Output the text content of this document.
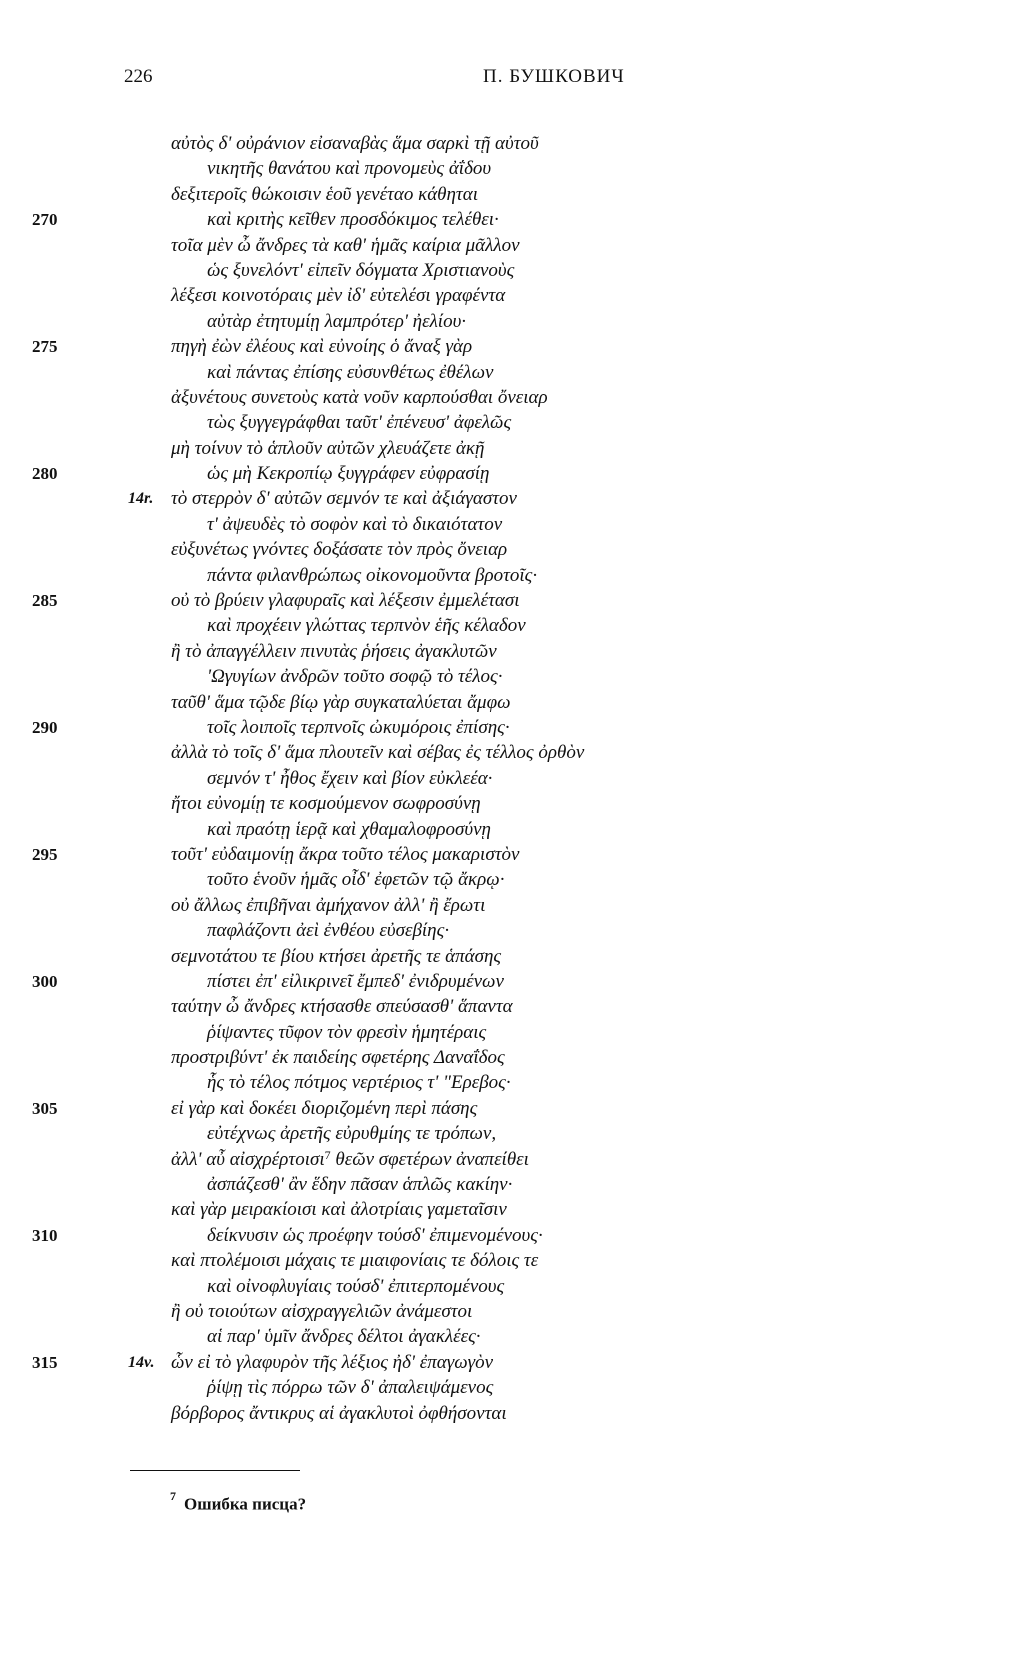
226	П. БУШКОВИЧ
αὐτὸς δ' οὐράνιον εἰσαναβὰς ἅμα σαρκὶ τῇ αὐτοῦ
νικητῆς θανάτου καὶ προνομεὺς ἀΐδου
δεξιτεροῖς θώκοισιν ἑοῦ γενέταο κάθηται
270	καὶ κριτὴς κεῖθεν προσδόκιμος τελέθει·
τοῖα μὲν ὦ ἄνδρες τὰ καθ' ἡμᾶς καίρια μᾶλλον
ὡς ξυνελόντ' εἰπεῖν δόγματα Χριστιανοὺς
λέξεσι κοινοτόραις μὲν ἰδ' εὐτελέσι γραφέντα
αὐτὰρ ἐτητυμίῃ λαμπρότερ' ἠελίου·
275	πηγὴ ἐὼν ἐλέους καὶ εὐνοίης ὁ ἄναξ γὰρ
καὶ πάντας ἐπίσης εὐσυνθέτως ἐθέλων
ἀξυνέτους συνετοὺς κατὰ νοῦν καρπούσθαι ὄνειαρ
τὼς ξυγγεγράφθαι ταῦτ' ἐπένευσ' ἀφελῶς
μὴ τοίνυν τὸ ἁπλοῦν αὐτῶν χλευάζετε ἀκῇ
280	ὡς μὴ Κεκροπίῳ ξυγγράφεν εὐφρασίῃ
14r. τὸ στερρὸν δ' αὐτῶν σεμνόν τε καὶ ἀξιάγαστον
τ' ἀψευδὲς τὸ σοφὸν καὶ τὸ δικαιότατον
εὐξυνέτως γνόντες δοξάσατε τὸν πρὸς ὄνειαρ
πάντα φιλανθρώπως οἰκονομοῦντα βροτοῖς·
285	οὐ τὸ βρύειν γλαφυραῖς καὶ λέξεσιν ἐμμελέτασι
καὶ προχέειν γλώττας τερπνὸν ἑῆς κέλαδον
ἢ τὸ ἀπαγγέλλειν πινυτὰς ῥήσεις ἀγακλυτῶν
'Ωγυγίων ἀνδρῶν τοῦτο σοφῷ τὸ τέλος·
ταῦθ' ἅμα τῷδε βίῳ γὰρ συγκαταλύεται ἄμφω
290	τοῖς λοιποῖς τερπνοῖς ὠκυμόροις ἐπίσης·
ἀλλὰ τὸ τοῖς δ' ἅμα πλουτεῖν καὶ σέβας ἐς τέλλος ὀρθὸν
σεμνόν τ' ἦθος ἔχειν καὶ βίον εὐκλεέα·
ἤτοι εὐνομίῃ τε κοσμούμενον σωφροσύνῃ
καὶ πραότῃ ἱερᾷ καὶ χθαμαλοφροσύνῃ
295	τοῦτ' εὐδαιμονίῃ ἄκρα τοῦτο τέλος μακαριστὸν
τοῦτο ἑνοῦν ἡμᾶς οἶδ' ἐφετῶν τῷ ἄκρῳ·
οὐ ἄλλως ἐπιβῆναι ἀμήχανον ἀλλ' ἢ ἔρωτι
παφλάζοντι ἀεὶ ἐνθέου εὐσεβίης·
σεμνοτάτου τε βίου κτήσει ἀρετῆς τε ἁπάσης
300	πίστει ἐπ' εἰλικρινεῖ ἔμπεδ' ἐνιδρυμένων
ταύτην ὦ ἄνδρες κτήσασθε σπεύσασθ' ἅπαντα
ῥίψαντες τῦφον τὸν φρεσὶν ἡμητέραις
προστριβύντ' ἐκ παιδείης σφετέρης Δαναΐδος
ἧς τὸ τέλος πότμος νερτέριος τ' "Ερεβος·
305	εἰ γὰρ καὶ δοκέει διοριζομένη περὶ πάσης
εὐτέχνως ἀρετῆς εὐρυθμίης τε τρόπων,
ἀλλ' αὖ αἰσχρέρτοισι$^7$ θεῶν σφετέρων ἀναπείθει
ἀσπάζεσθ' ἂν ἕδην πᾶσαν ἁπλῶς κακίην·
καὶ γὰρ μειρακίοισι καὶ ἀλοτρίαις γαμεταῖσιν
310	δείκνυσιν ὡς προέφην τούσδ' ἐπιμενομένους·
καὶ πτολέμοισι μάχαις τε μιαιφονίαις τε δόλοις τε
καὶ οἰνοφλυγίαις τούσδ' ἐπιτερπομένους
ἢ οὐ τοιούτων αἰσχραγγελιῶν ἀνάμεστοι
αἱ παρ' ὑμῖν ἄνδρες δέλτοι ἀγακλέες·
315	14v. ὧν εἰ τὸ γλαφυρὸν τῆς λέξιος ἠδ' ἐπαγωγὸν
ῥίψῃ τὶς πόρρω τῶν δ' ἀπαλειψάμενος
βόρβορος ἄντικρυς αἱ ἀγακλυτοὶ ὀφθήσονται
$^7$ Ошибка писца?
